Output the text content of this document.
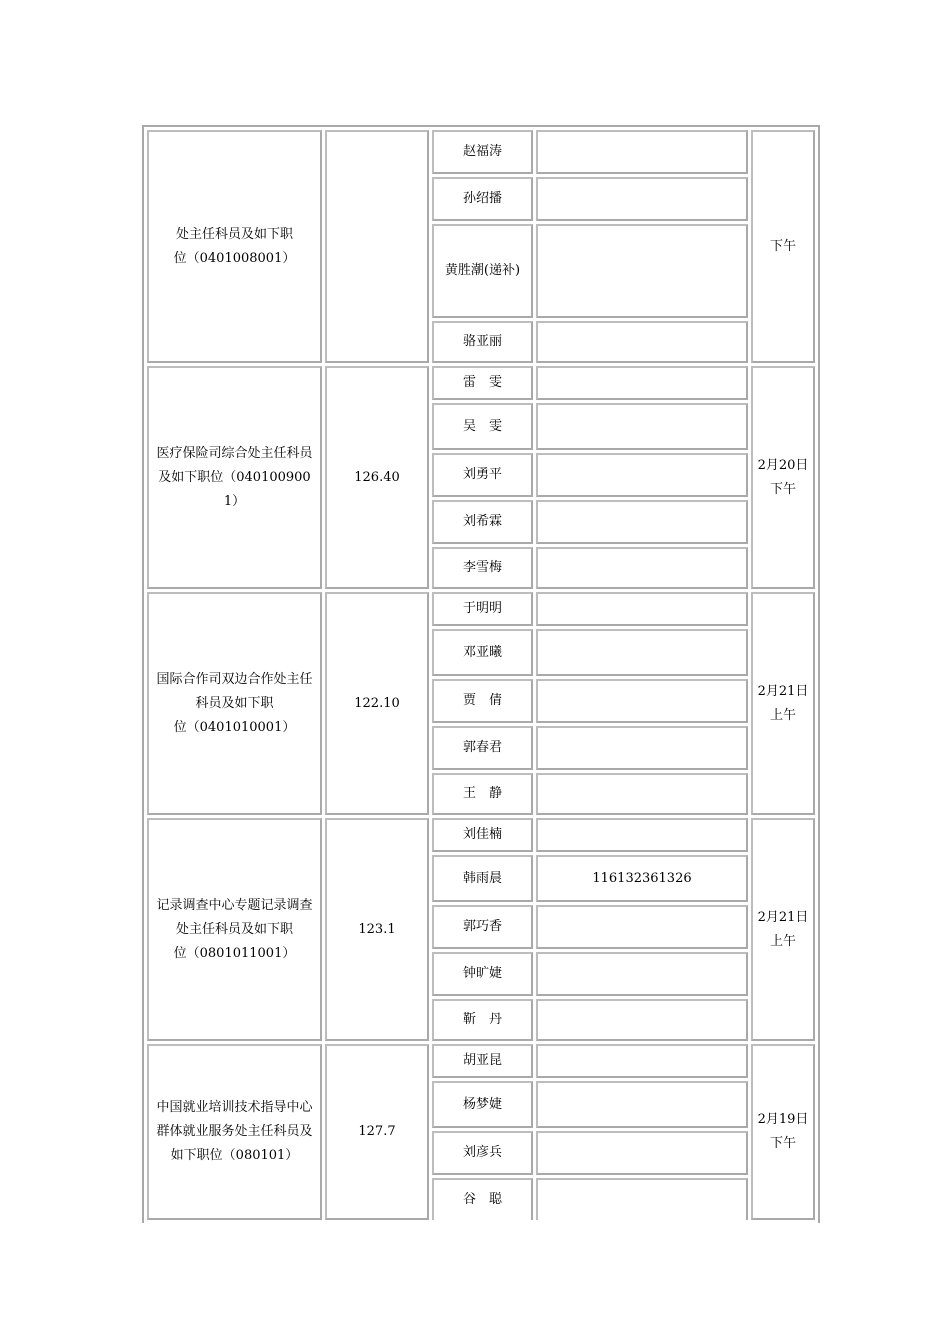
处主任科员及如下职
位（0401008001）		赵福涛		下午
		孙绍播		
		黄胜潮(递补)		
		骆亚丽		
医疗保险司综合处主任科员
及如下职位（0401009001）	126.40	雷　雯		2月20日
下午
		吴　雯		
		刘勇平		
		刘希霖		
		李雪梅		
国际合作司双边合作处主任
科员及如下职
位（0401010001）	122.10	于明明		2月21日
上午
		邓亚曦		
		贾　倩		
		郭春君		
		王　静		
记录调查中心专题记录调查
处主任科员及如下职
位（0801011001）	123.1	刘佳楠		2月21日
上午
		韩雨晨	116132361326	
		郭巧香		
		钟旷婕		
		靳　丹		
中国就业培训技术指导中心
群体就业服务处主任科员及
如下职位（080101）	127.7	胡亚昆		2月19日
下午
		杨梦婕		
		刘彦兵		
		谷　聪		
